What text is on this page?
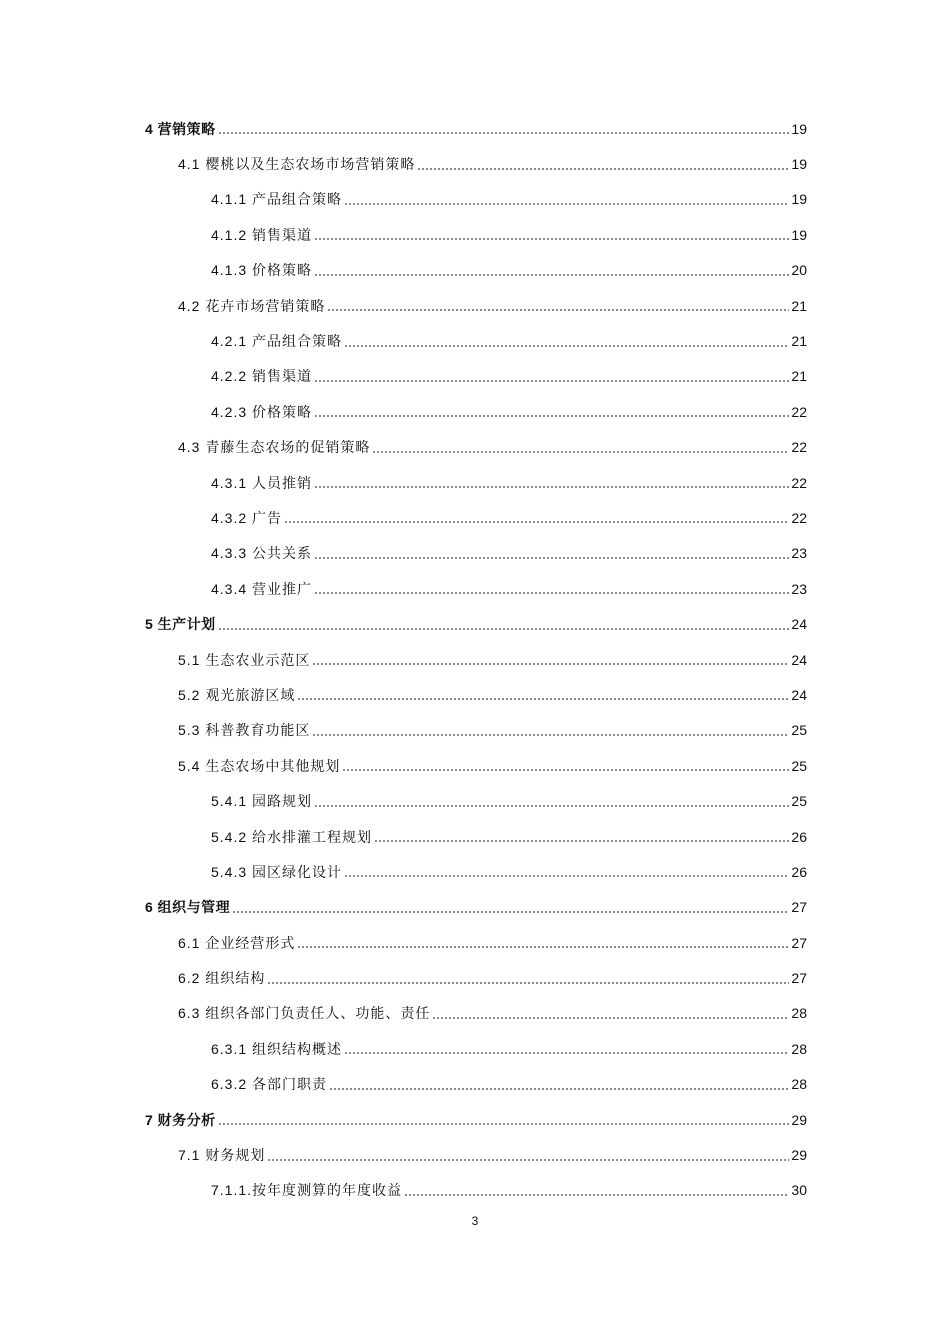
4 营销策略	19
4.1 樱桃以及生态农场市场营销策略	19
4.1.1 产品组合策略	19
4.1.2 销售渠道	19
4.1.3 价格策略	20
4.2 花卉市场营销策略	21
4.2.1 产品组合策略	21
4.2.2 销售渠道	21
4.2.3 价格策略	22
4.3 青藤生态农场的促销策略	22
4.3.1 人员推销	22
4.3.2 广告	22
4.3.3 公共关系	23
4.3.4 营业推广	23
5 生产计划	24
5.1 生态农业示范区	24
5.2 观光旅游区域	24
5.3 科普教育功能区	25
5.4 生态农场中其他规划	25
5.4.1 园路规划	25
5.4.2 给水排灌工程规划	26
5.4.3 园区绿化设计	26
6 组织与管理	27
6.1 企业经营形式	27
6.2 组织结构	27
6.3 组织各部门负责任人、功能、责任	28
6.3.1 组织结构概述	28
6.3.2 各部门职责	28
7 财务分析	29
7.1 财务规划	29
7.1.1.按年度测算的年度收益	30
3
